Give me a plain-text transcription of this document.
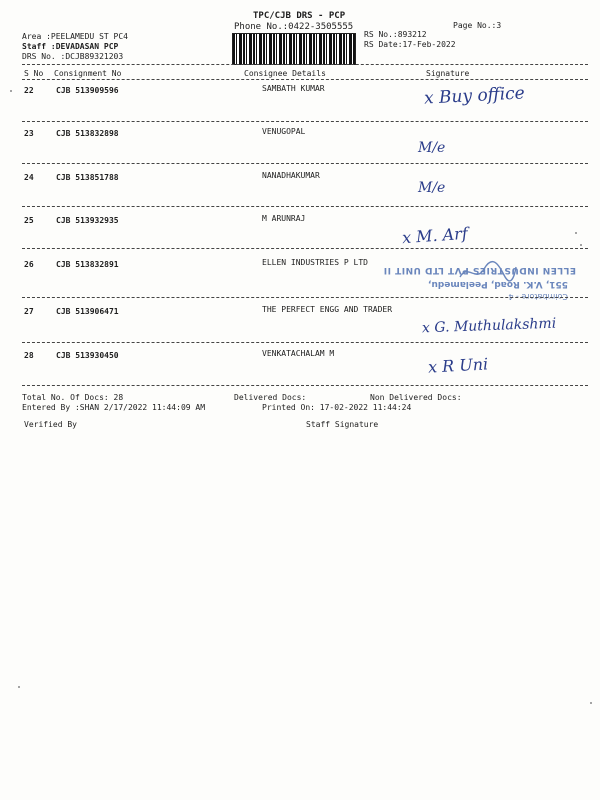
TPC/CJB DRS - PCP
Phone No.:0422-3505555	Page No.:3
Area :PEELAMEDU ST PC4
Staff :DEVADASAN PCP
DRS No. :DCJB89321203
RS No.:893212
RS Date:17-Feb-2022
S No Consignment No	Consignee Details	Signature
22	CJB 513909596	SAMBATH KUMAR	x Buy office
23	CJB 513832898	VENUGOPAL
M/e
24	CJB 513851788	NANADHAKUMAR
M/e
25	CJB 513932935	M ARUNRAJ
x M. Arf
26	CJB 513832891	ELLEN INDUSTRIES P LTD
Coimbatore - 4
551, V.K. Road, Peelamedu,
ELLEN INDUSTRIES PVT LTD UNIT II
27	CJB 513906471	THE PERFECT ENGG AND TRADER
x G. Muthulakshmi
28	CJB 513930450	VENKATACHALAM M
x R Uni
Total No. Of Docs: 28	Delivered Docs:	Non Delivered Docs:
Entered By :SHAN 2/17/2022 11:44:09 AM	Printed On: 17-02-2022 11:44:24
Verified By	Staff Signature
